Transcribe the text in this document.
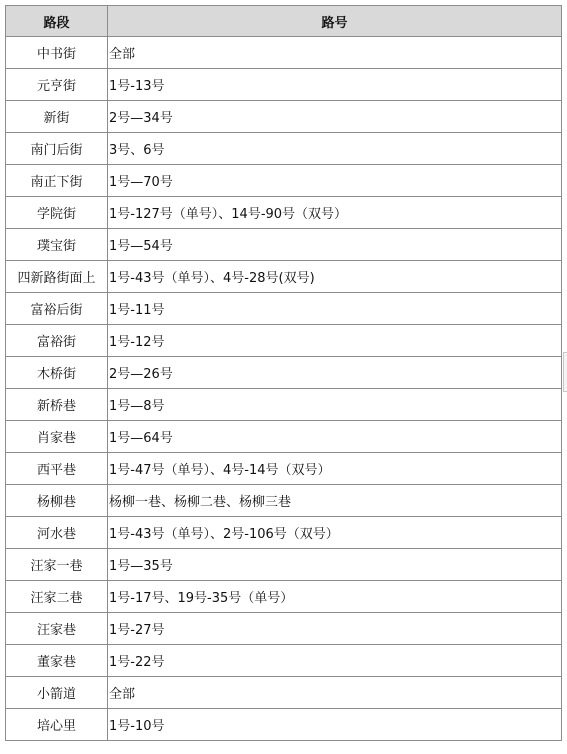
路段	路号
中书街	全部
元亨街	1号-13号
新街	2号—34号
南门后街	3号、6号
南正下街	1号—70号
学院街	1号-127号（单号）、14号-90号（双号）
璞宝街	1号—54号
四新路街面上	1号-43号（单号）、4号-28号(双号)
富裕后街	1号-11号
富裕街	1号-12号
木桥街	2号—26号
新桥巷	1号—8号
肖家巷	1号—64号
西平巷	1号-47号（单号）、4号-14号（双号）
杨柳巷	杨柳一巷、杨柳二巷、杨柳三巷
河水巷	1号-43号（单号）、2号-106号（双号）
汪家一巷	1号—35号
汪家二巷	1号-17号、19号-35号（单号）
汪家巷	1号-27号
董家巷	1号-22号
小箭道	全部
培心里	1号-10号
